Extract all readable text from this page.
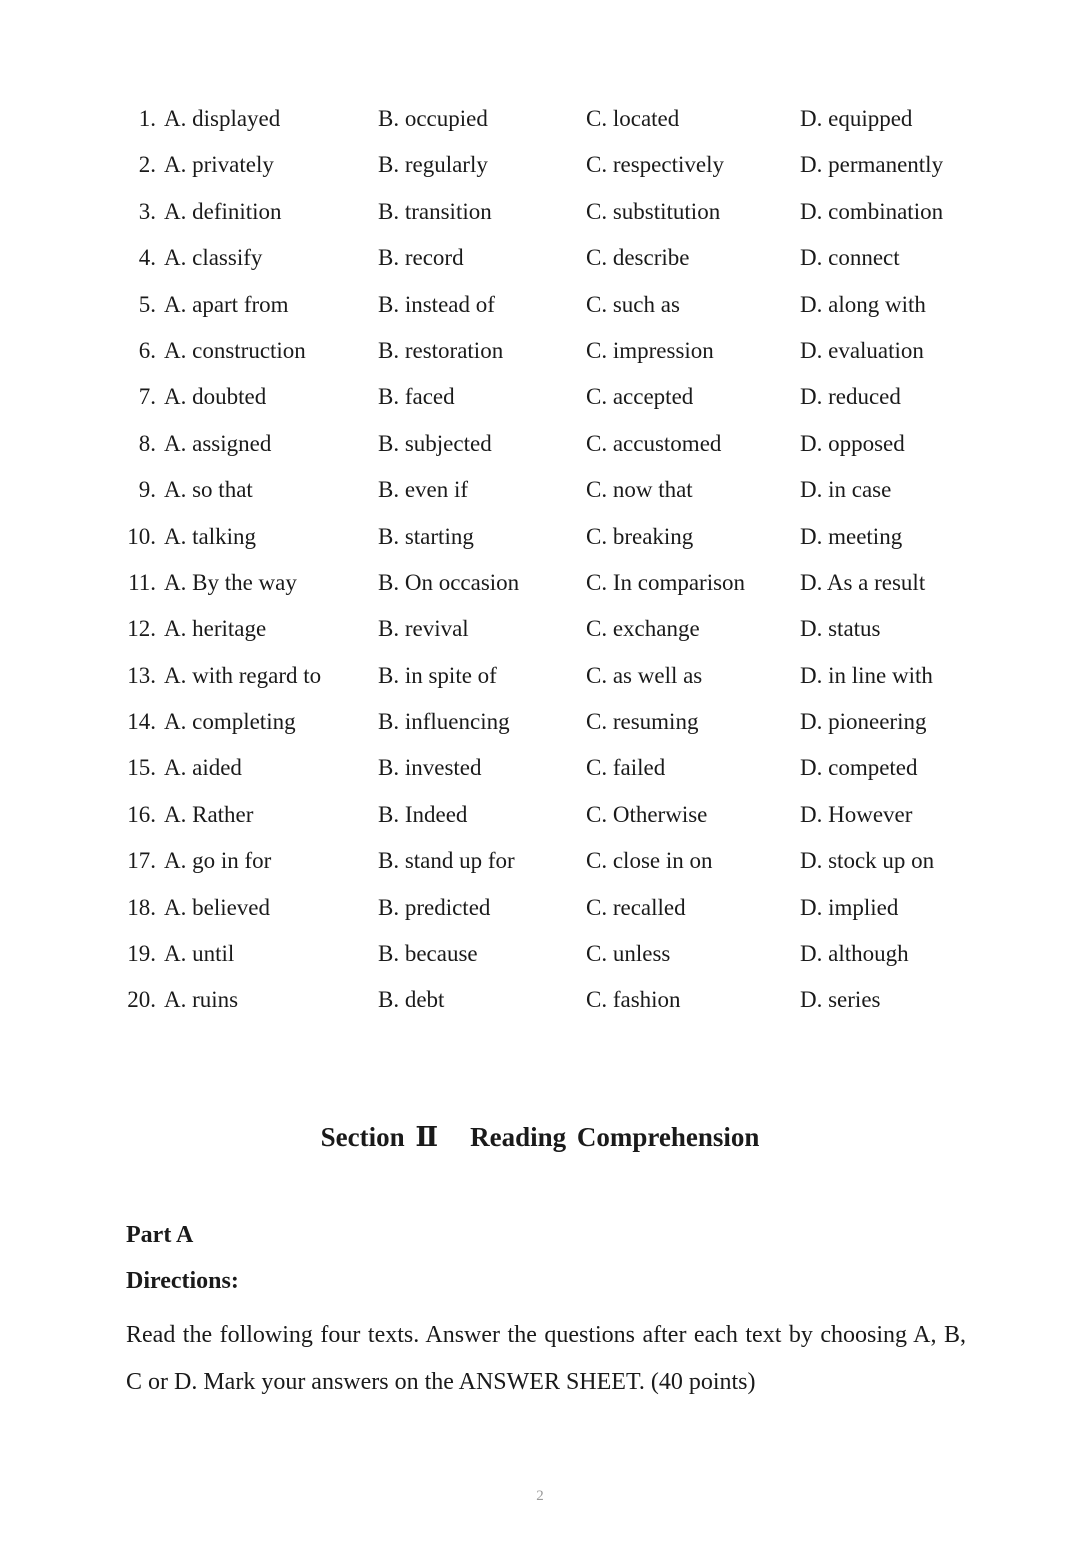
1. A. displayed	B. occupied	C. located	D. equipped
2. A. privately	B. regularly	C. respectively	D. permanently
3. A. definition	B. transition	C. substitution	D. combination
4. A. classify	B. record	C. describe	D. connect
5. A. apart from	B. instead of	C. such as	D. along with
6. A. construction	B. restoration	C. impression	D. evaluation
7. A. doubted	B. faced	C. accepted	D. reduced
8. A. assigned	B. subjected	C. accustomed	D. opposed
9. A. so that	B. even if	C. now that	D. in case
10. A. talking	B. starting	C. breaking	D. meeting
11. A. By the way	B. On occasion	C. In comparison D. As a result
12. A. heritage	B. revival	C. exchange	D. status
13. A. with regard to B. in spite of	C. as well as	D. in line with
14. A. completing	B. influencing	C. resuming	D. pioneering
15. A. aided	B. invested	C. failed	D. competed
16. A. Rather	B. Indeed	C. Otherwise	D. However
17. A. go in for	B. stand up for	C. close in on	D. stock up on
18. A. believed	B. predicted	C. recalled	D. implied
19. A. until	B. because	C. unless	D. although
20. A. ruins	B. debt	C. fashion	D. series
Section Ⅱ Reading Comprehension
Part A
Directions:
Read the following four texts. Answer the questions after each text by choosing A, B, C or D. Mark your answers on the ANSWER SHEET. (40 points)
2
